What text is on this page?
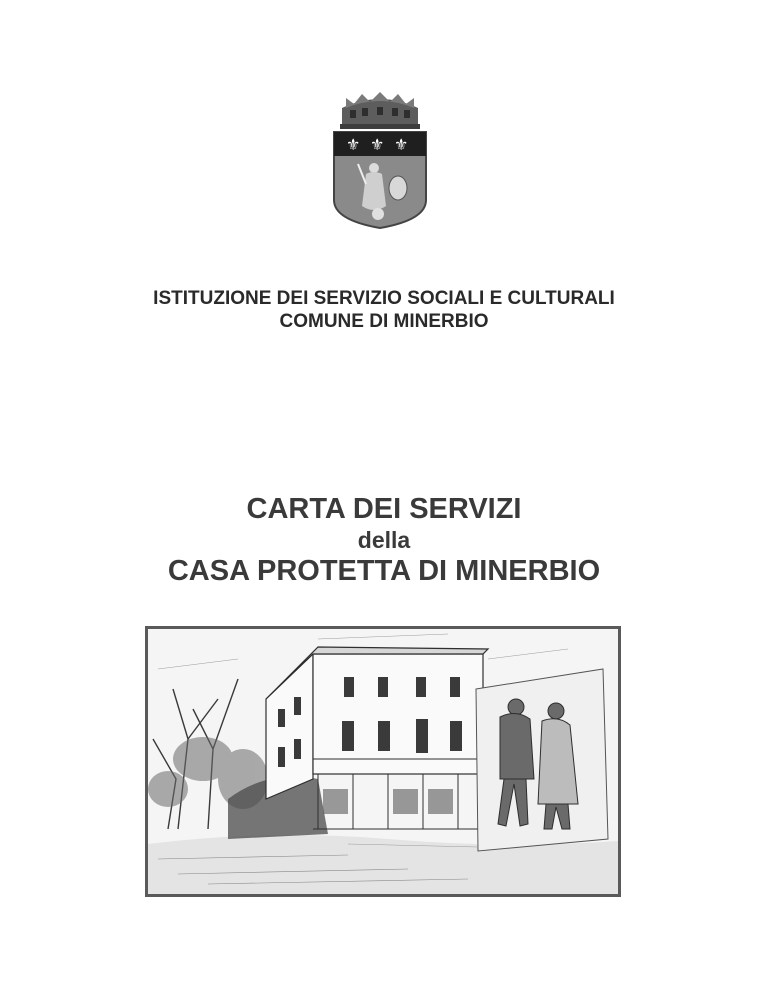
⚜ ⚜ ⚜
ISTITUZIONE DEI SERVIZIO SOCIALI E CULTURALI
COMUNE DI MINERBIO
CARTA DEI SERVIZI
della
CASA PROTETTA DI MINERBIO
